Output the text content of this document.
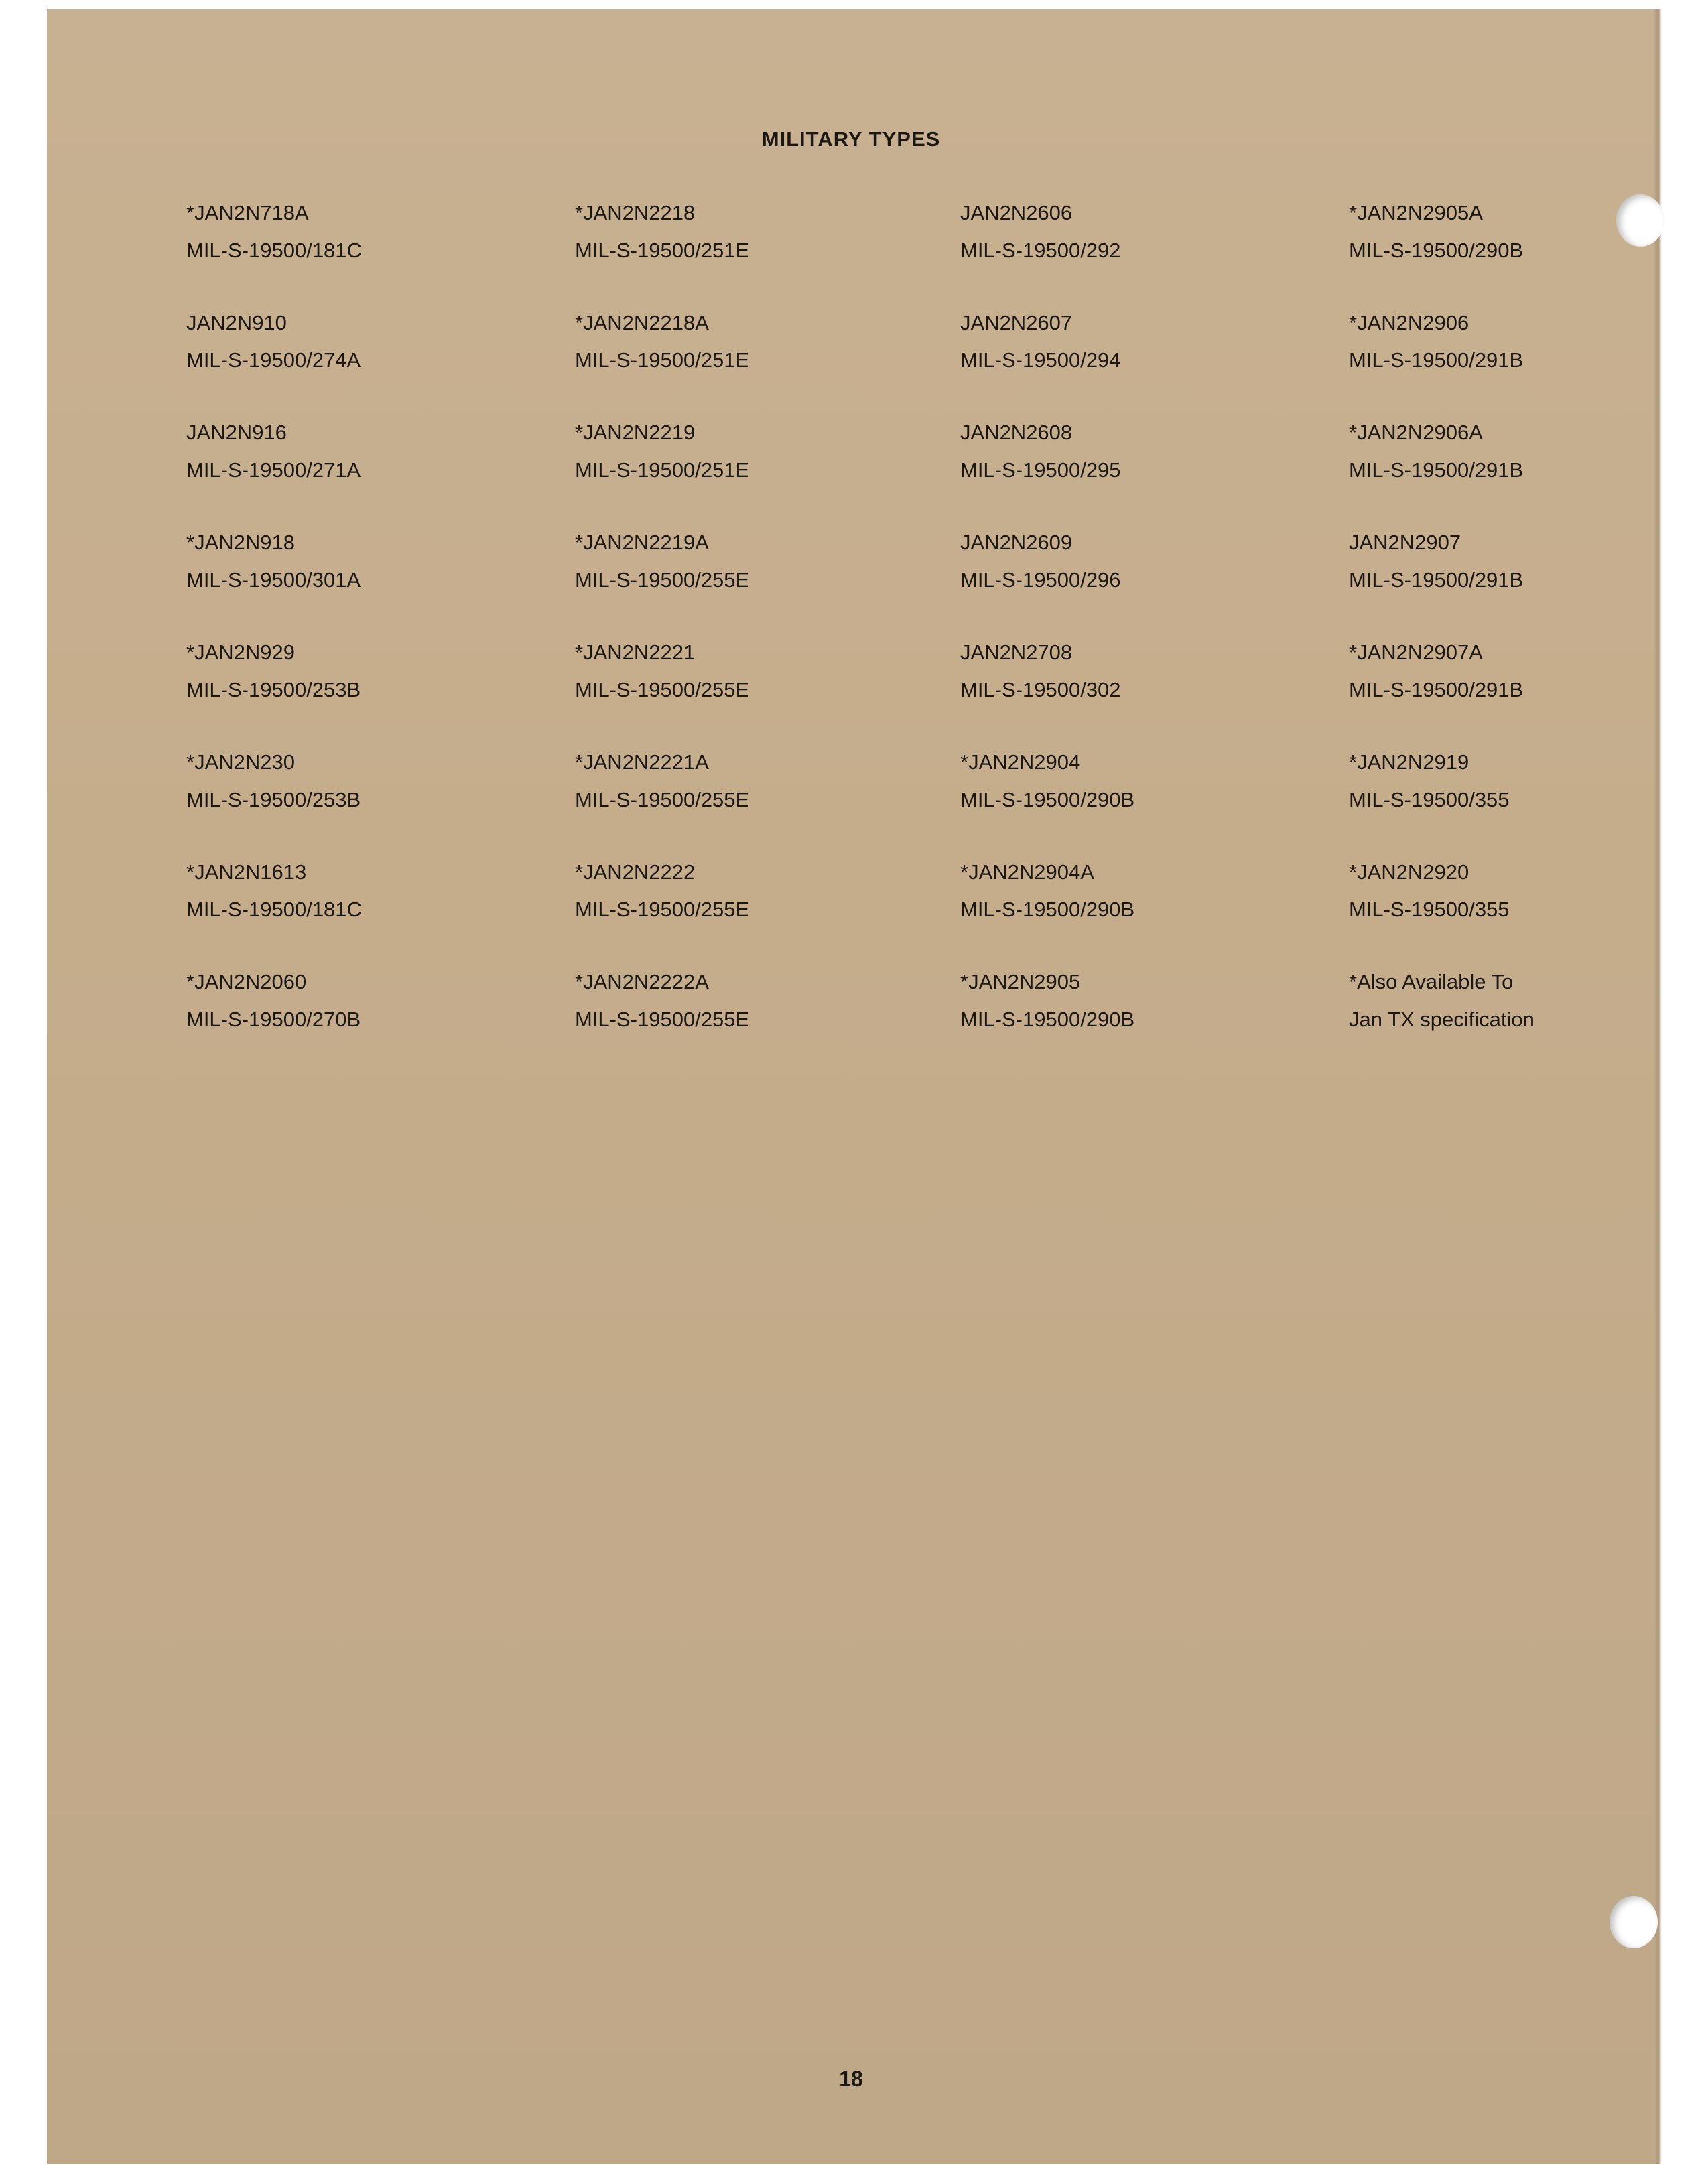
MILITARY TYPES
*JAN2N718A
MIL-S-19500/181C
*JAN2N2218
MIL-S-19500/251E
JAN2N2606
MIL-S-19500/292
*JAN2N2905A
MIL-S-19500/290B
JAN2N910
MIL-S-19500/274A
*JAN2N2218A
MIL-S-19500/251E
JAN2N2607
MIL-S-19500/294
*JAN2N2906
MIL-S-19500/291B
JAN2N916
MIL-S-19500/271A
*JAN2N2219
MIL-S-19500/251E
JAN2N2608
MIL-S-19500/295
*JAN2N2906A
MIL-S-19500/291B
*JAN2N918
MIL-S-19500/301A
*JAN2N2219A
MIL-S-19500/255E
JAN2N2609
MIL-S-19500/296
JAN2N2907
MIL-S-19500/291B
*JAN2N929
MIL-S-19500/253B
*JAN2N2221
MIL-S-19500/255E
JAN2N2708
MIL-S-19500/302
*JAN2N2907A
MIL-S-19500/291B
*JAN2N230
MIL-S-19500/253B
*JAN2N2221A
MIL-S-19500/255E
*JAN2N2904
MIL-S-19500/290B
*JAN2N2919
MIL-S-19500/355
*JAN2N1613
MIL-S-19500/181C
*JAN2N2222
MIL-S-19500/255E
*JAN2N2904A
MIL-S-19500/290B
*JAN2N2920
MIL-S-19500/355
*JAN2N2060
MIL-S-19500/270B
*JAN2N2222A
MIL-S-19500/255E
*JAN2N2905
MIL-S-19500/290B
*Also Available To
Jan TX specification
18
